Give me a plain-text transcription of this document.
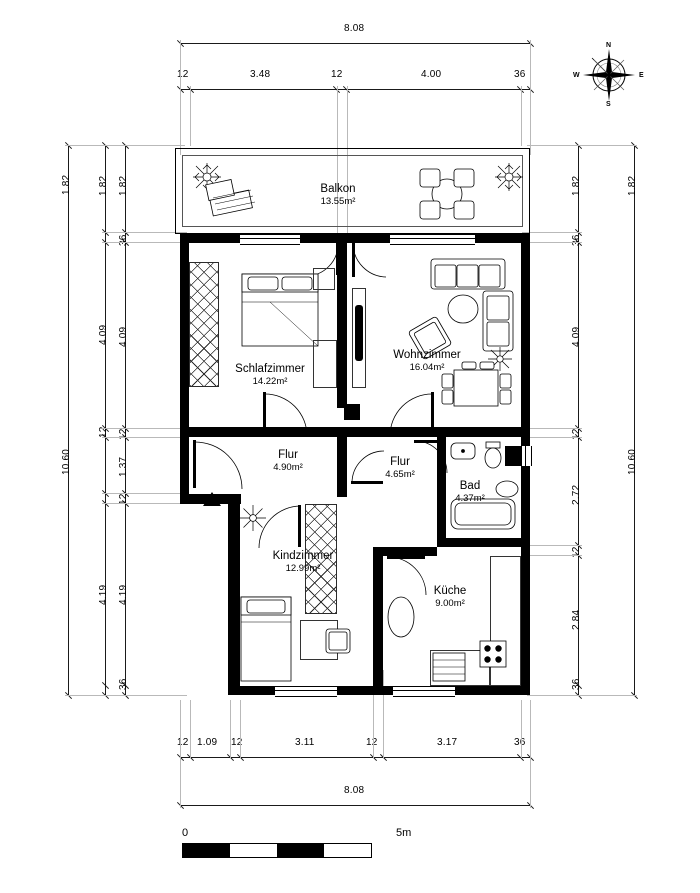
8.08
12	3.48	12	4.00	36
1.82
10.60
1.82
4.09
12
4.19
1.82
36
4.09
12
1.37
12
4.19
36
1.82
36
4.09
12
2.72
12
2.84
36
1.82
10.60
12 1.09 12	3.11	12	3.17	36
8.08
N
S
W	E
Balkon
13.55m²
Schlafzimmer
14.22m²
Wohnzimmer
16.04m²
Flur
4.90m²	Flur
4.65m²
Bad
4.37m²
Kindzimmer
12.99m²
Küche
9.00m²
0	5m
